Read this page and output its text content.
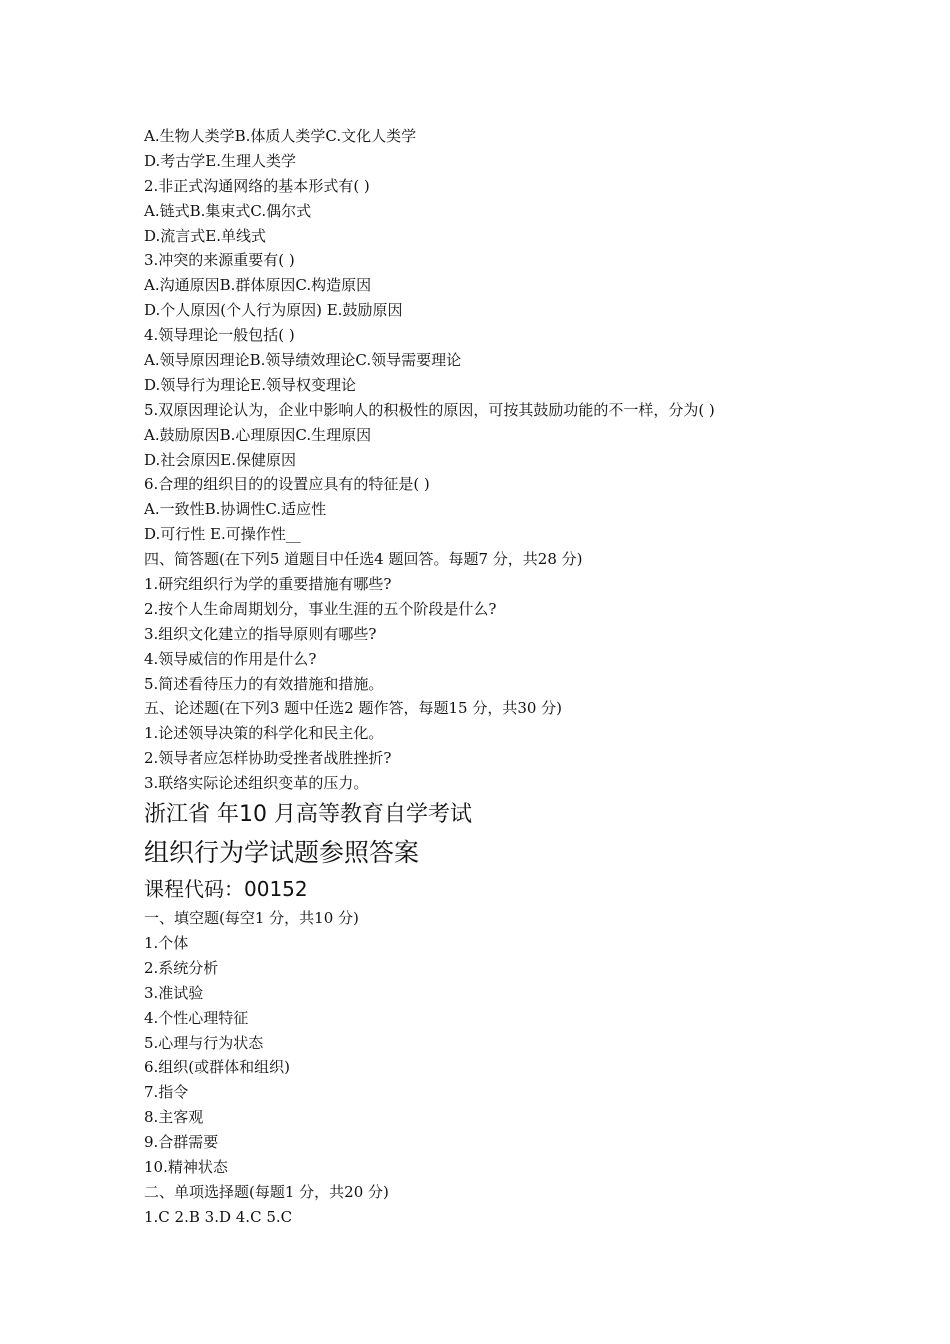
A.生物人类学B.体质人类学C.文化人类学
D.考古学E.生理人类学
2.非正式沟通网络的基本形式有( )
A.链式B.集束式C.偶尔式
D.流言式E.单线式
3.冲突的来源重要有( )
A.沟通原因B.群体原因C.构造原因
D.个人原因(个人行为原因) E.鼓励原因
4.领导理论一般包括( )
A.领导原因理论B.领导绩效理论C.领导需要理论
D.领导行为理论E.领导权变理论
5.双原因理论认为，企业中影响人的积极性的原因，可按其鼓励功能的不一样，分为( )
A.鼓励原因B.心理原因C.生理原因
D.社会原因E.保健原因
6.合理的组织目的的设置应具有的特征是( )
A.一致性B.协调性C.适应性
D.可行性 E.可操作性__
四、简答题(在下列5 道题目中任选4 题回答。每题7 分，共28 分)
1.研究组织行为学的重要措施有哪些?
2.按个人生命周期划分，事业生涯的五个阶段是什么?
3.组织文化建立的指导原则有哪些?
4.领导威信的作用是什么?
5.简述看待压力的有效措施和措施。
五、论述题(在下列3 题中任选2 题作答，每题15 分，共30 分)
1.论述领导决策的科学化和民主化。
2.领导者应怎样协助受挫者战胜挫折?
3.联络实际论述组织变革的压力。
浙江省 年10 月高等教育自学考试
组织行为学试题参照答案
课程代码：00152
一、填空题(每空1 分，共10 分)
1.个体
2.系统分析
3.准试验
4.个性心理特征
5.心理与行为状态
6.组织(或群体和组织)
7.指令
8.主客观
9.合群需要
10.精神状态
二、单项选择题(每题1 分，共20 分)
1.C 2.B 3.D 4.C 5.C
